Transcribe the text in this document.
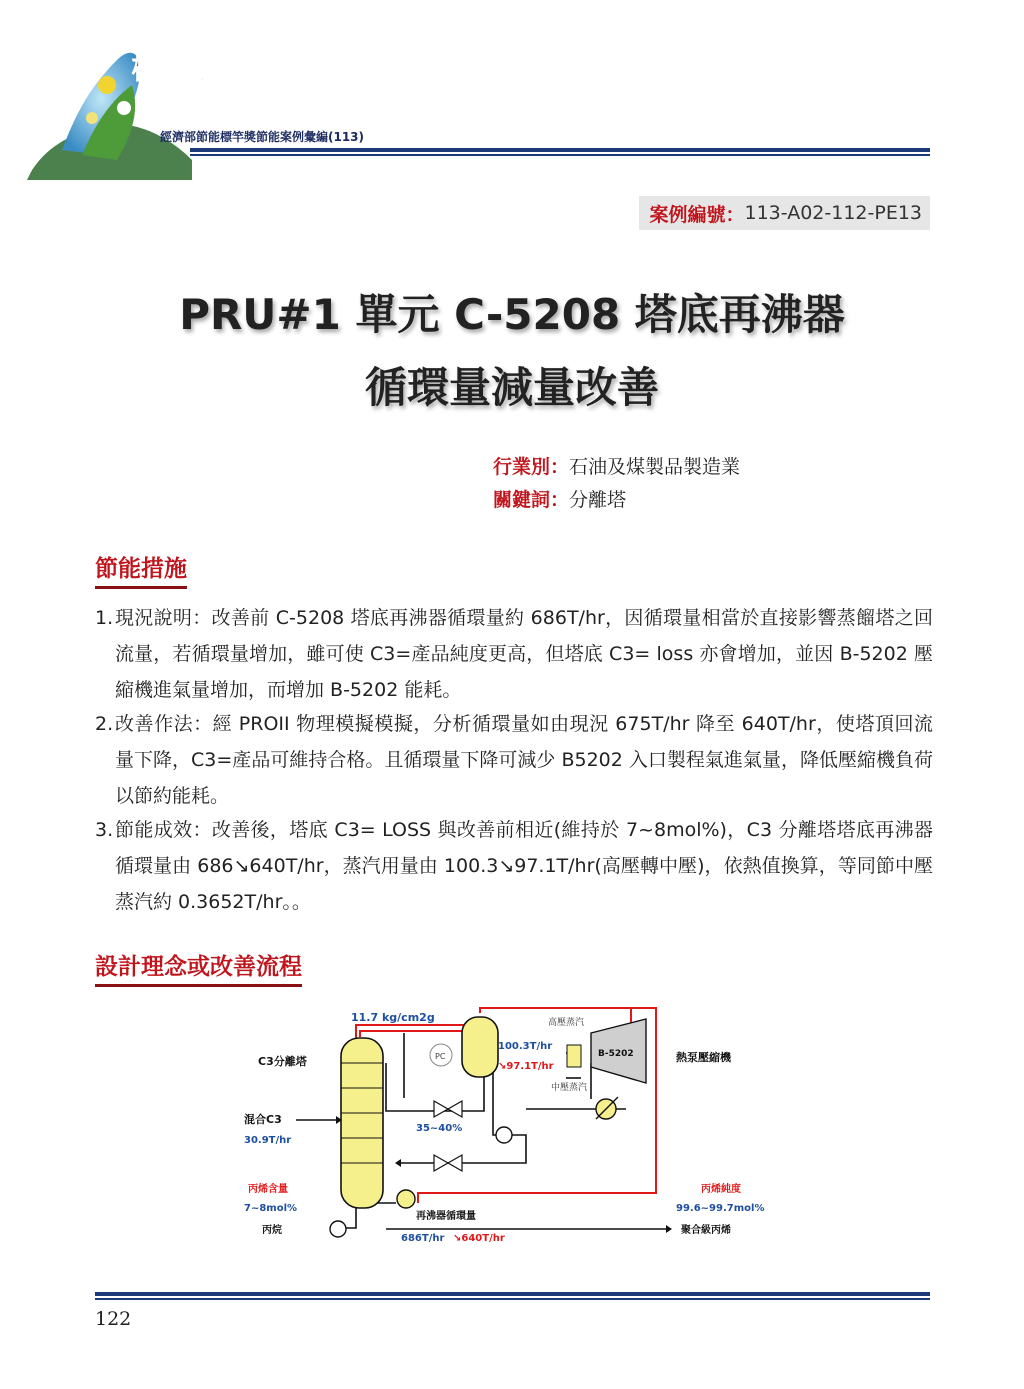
標竿引領
智慧節能
經濟部節能標竿獎節能案例彙編(113)
案例編號： 113-A02-112-PE13
PRU#1 單元 C-5208 塔底再沸器
循環量減量改善
行業別：石油及煤製品製造業
關鍵詞：分離塔
節能措施
1. 現況說明：改善前 C-5208 塔底再沸器循環量約 686T/hr，因循環量相當於直接影響蒸餾塔之回流量，若循環量增加，雖可使 C3=產品純度更高，但塔底 C3= loss 亦會增加，並因 B-5202 壓縮機進氣量增加，而增加 B-5202 能耗。
2. 改善作法：經 PROII 物理模擬模擬，分析循環量如由現況 675T/hr 降至 640T/hr，使塔頂回流量下降，C3=產品可維持合格。且循環量下降可減少 B5202 入口製程氣進氣量，降低壓縮機負荷以節約能耗。
3. 節能成效：改善後，塔底 C3= LOSS 與改善前相近(維持於 7~8mol%)，C3 分離塔塔底再沸器循環量由 686↘640T/hr，蒸汽用量由 100.3↘97.1T/hr(高壓轉中壓)，依熱值換算，等同節中壓蒸汽約 0.3652T/hr。。
設計理念或改善流程
PC	B-5202
11.7 kg/cm2g	高壓蒸汽
中壓蒸汽
100.3T/hr
↘97.1T/hr
熱泵壓縮機
C3分離塔
混合C3
30.9T/hr
35~40%
丙烯含量
7~8mol%
丙烷
再沸器循環量
686T/hr ↘640T/hr
丙烯純度
99.6~99.7mol%
聚合級丙烯
122
